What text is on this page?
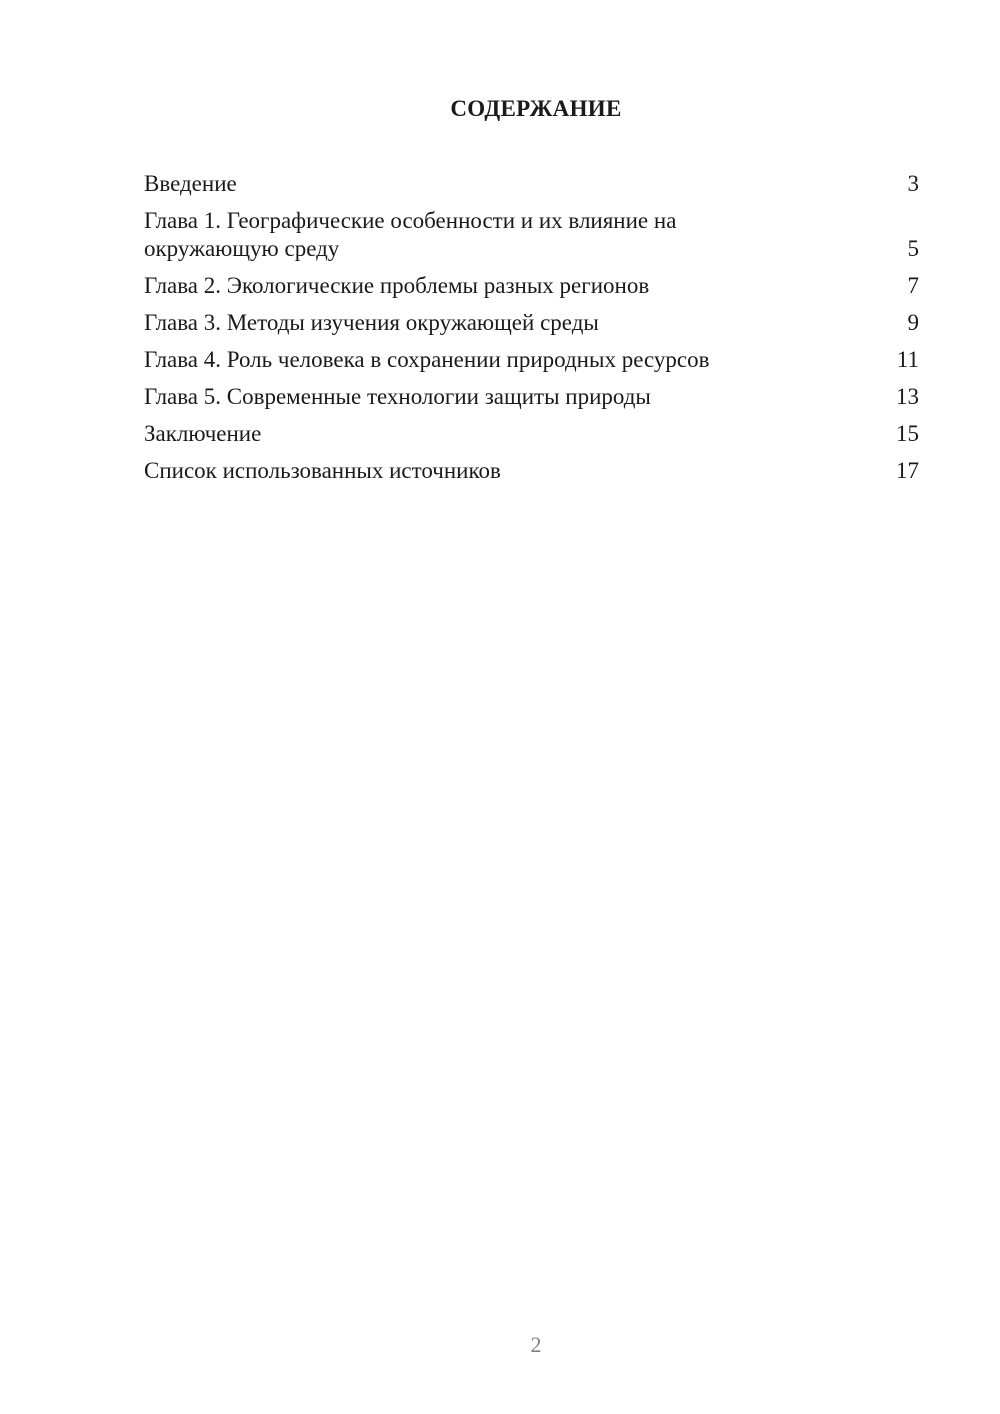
СОДЕРЖАНИЕ
Введение	3
Глава 1. Географические особенности и их влияние на окружающую среду	5
Глава 2. Экологические проблемы разных регионов	7
Глава 3. Методы изучения окружающей среды	9
Глава 4. Роль человека в сохранении природных ресурсов	11
Глава 5. Современные технологии защиты природы	13
Заключение	15
Список использованных источников	17
2
